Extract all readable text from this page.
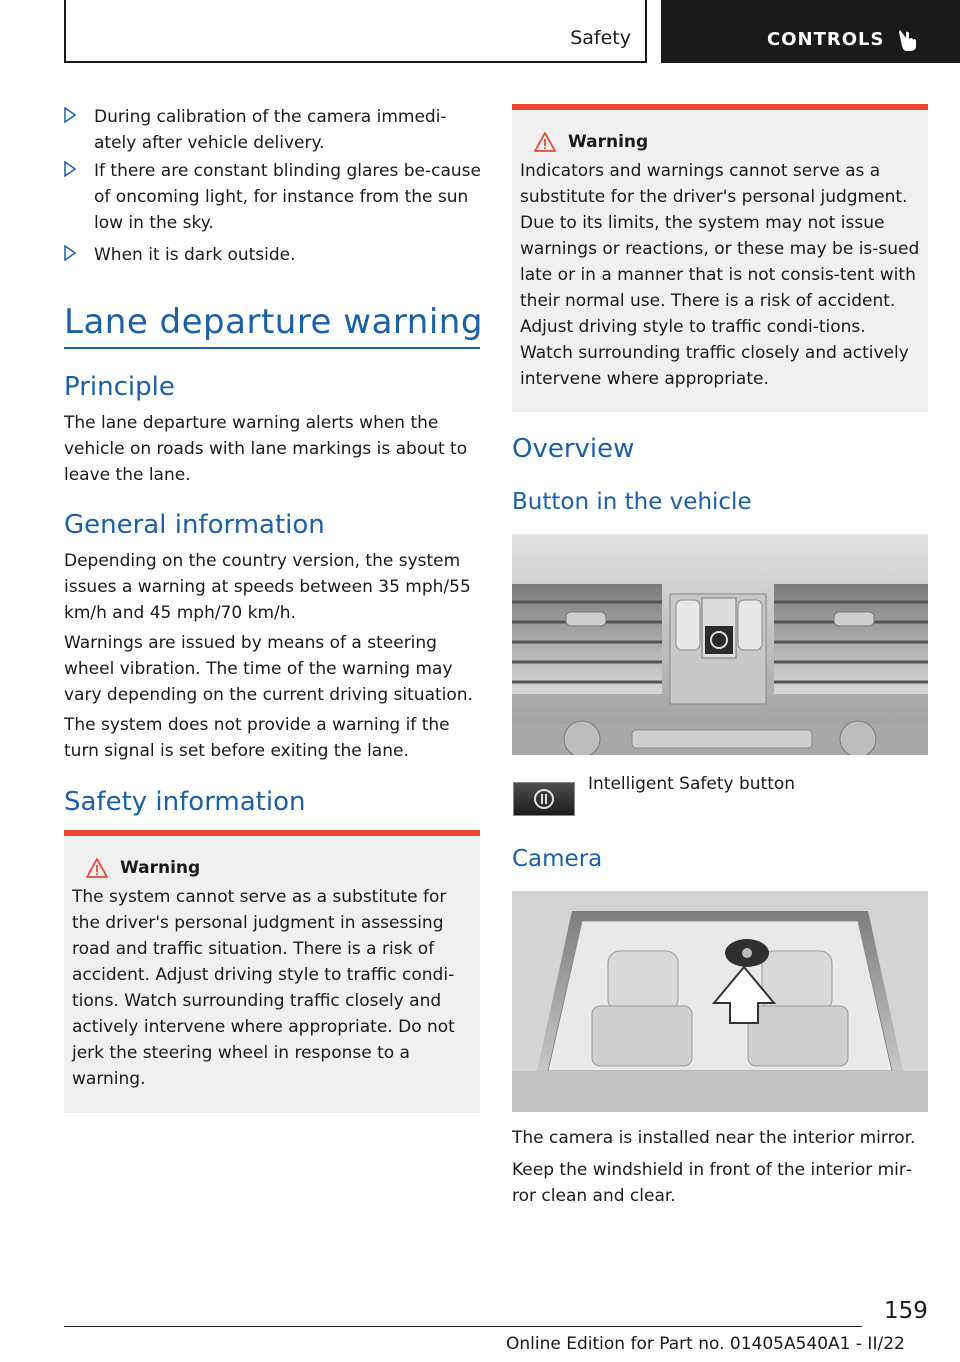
Safety	CONTROLS
During calibration of the camera immedi‐ately after vehicle delivery.
If there are constant blinding glares be‐cause of oncoming light, for instance from the sun low in the sky.
When it is dark outside.
Lane departure warning
Principle

The lane departure warning alerts when the vehicle on roads with lane markings is about to leave the lane.

General information

Depending on the country version, the system issues a warning at speeds between 35 mph/55 km/h and 45 mph/70 km/h.

Warnings are issued by means of a steering wheel vibration. The time of the warning may vary depending on the current driving situation.

The system does not provide a warning if the turn signal is set before exiting the lane.

Safety information
Warning
The system cannot serve as a substitute for the driver's personal judgment in assessing road and traffic situation. There is a risk of accident. Adjust driving style to traffic condi‐tions. Watch surrounding traffic closely and actively intervene where appropriate. Do not jerk the steering wheel in response to a warning.
Warning
Indicators and warnings cannot serve as a substitute for the driver's personal judgment. Due to its limits, the system may not issue warnings or reactions, or these may be is‐sued late or in a manner that is not consis‐tent with their normal use. There is a risk of accident. Adjust driving style to traffic condi‐tions. Watch surrounding traffic closely and actively intervene where appropriate.
Overview
Button in the vehicle

Intelligent Safety button

Camera

The camera is installed near the interior mirror.

Keep the windshield in front of the interior mir‐ror clean and clear.

159
Online Edition for Part no. 01405A540A1 - II/22
